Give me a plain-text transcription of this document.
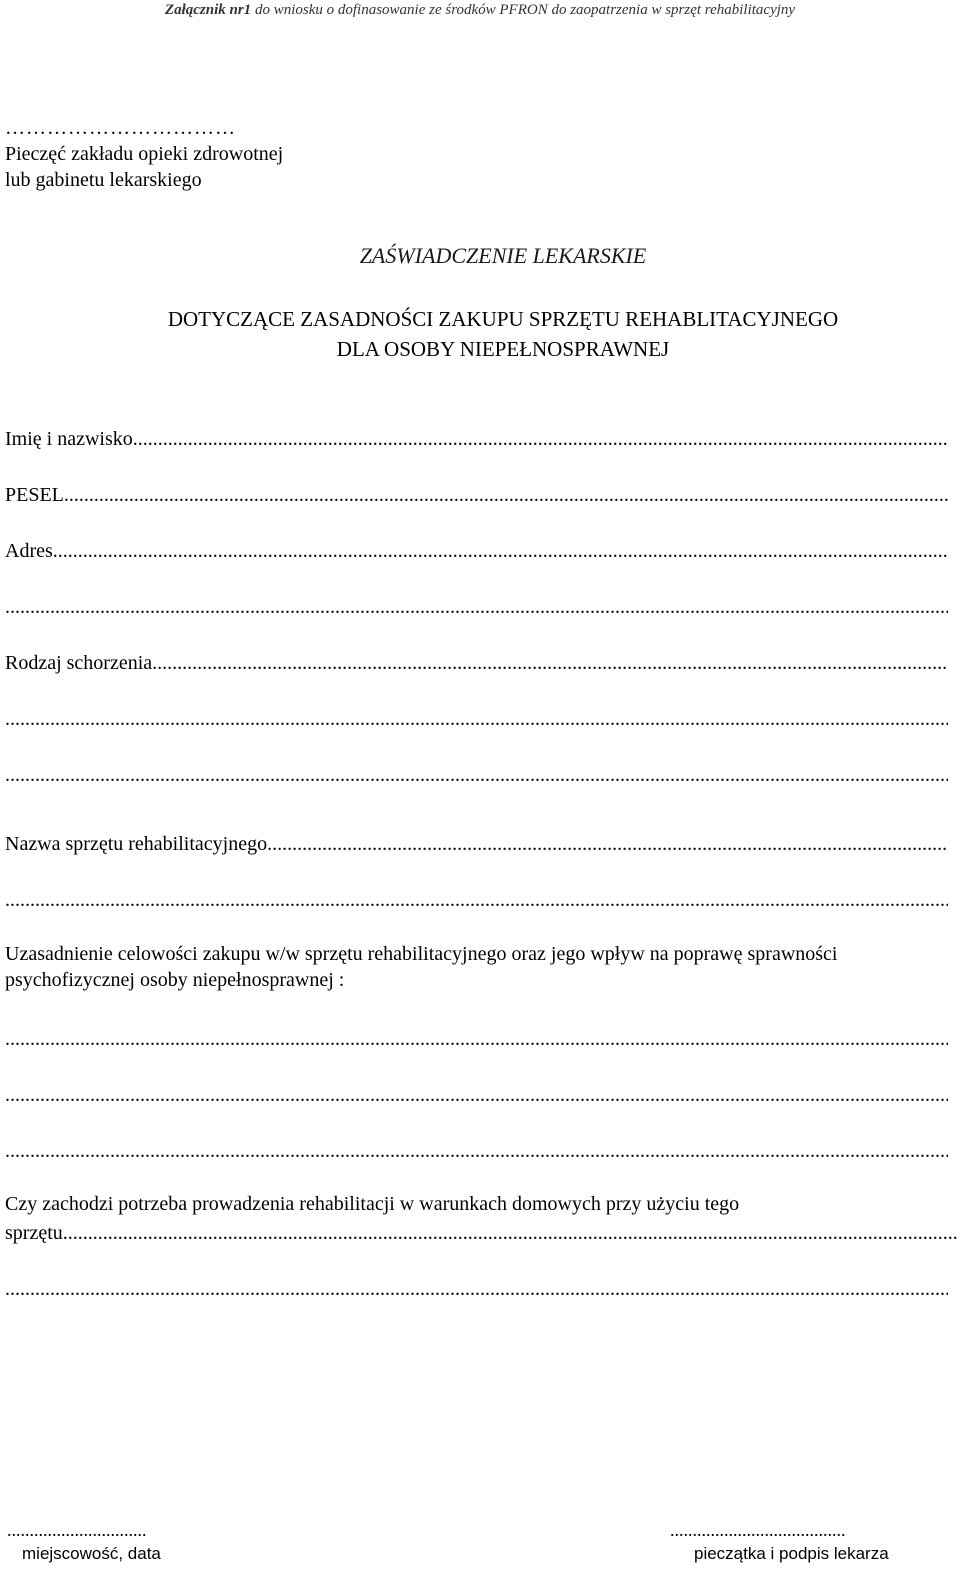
Załącznik nr1 do wniosku o dofinasowanie ze środków PFRON do zaopatrzenia w sprzęt rehabilitacyjny
……………………………
Pieczęć zakładu opieki zdrowotnej
lub gabinetu lekarskiego
ZAŚWIADCZENIE LEKARSKIE
DOTYCZĄCE ZASADNOŚCI ZAKUPU SPRZĘTU REHABLITACYJNEGO
DLA OSOBY NIEPEŁNOSPRAWNEJ
Imię i nazwisko
.....
PESEL
.....
Adres
.....
.....
Rodzaj schorzenia
.....
.....
.....
Nazwa sprzętu rehabilitacyjnego
.....
.....
Uzasadnienie celowości zakupu w/w sprzętu rehabilitacyjnego oraz jego wpływ na poprawę sprawności psychofizycznej osoby niepełnosprawnej :
.....
.....
.....
Czy zachodzi potrzeba prowadzenia rehabilitacji w warunkach domowych przy użyciu tego
sprzętu
.....
.....
...............................
miejscowość, data
.......................................
pieczątka i podpis lekarza
